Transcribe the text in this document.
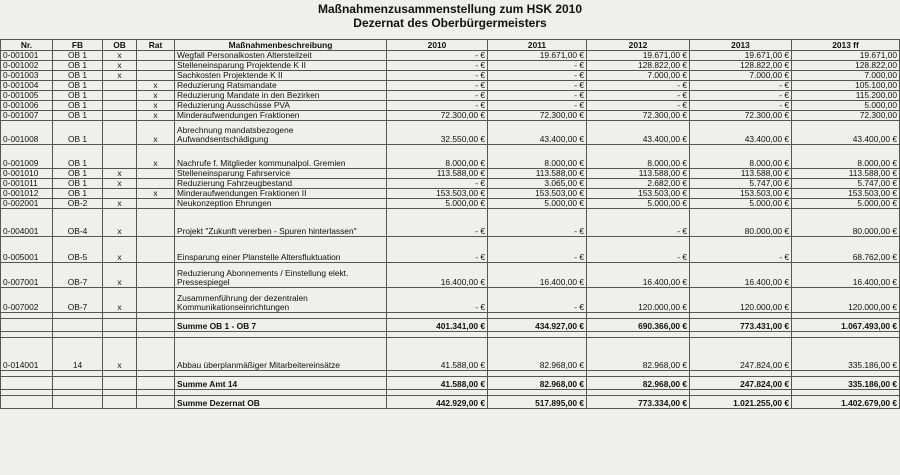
Maßnahmenzusammenstellung zum HSK 2010
Dezernat des Oberbürgermeisters
Nr.	FB	OB	Rat	Maßnahmenbeschreibung	2010	2011	2012	2013	2013 ff
0-001001	OB 1	x		Wegfall Personalkosten Altersteilzeit	- €	19.671,00 €	19.671,00 €	19.671,00 €	19.671,00
0-001002	OB 1	x		Stelleneinsparung Projektende K II	- €	- €	128.822,00 €	128.822,00 €	128.822,00
0-001003	OB 1	x		Sachkosten Projektende K II	- €	- €	7.000,00 €	7.000,00 €	7.000,00
0-001004	OB 1		x	Reduzierung Ratsmandate	- €	- €	- €	- €	105.100,00
0-001005	OB 1		x	Reduzierung Mandate in den Bezirken	- €	- €	- €	- €	115.200,00
0-001006	OB 1		x	Reduzierung Ausschüsse PVA	- €	- €	- €	- €	5.000,00
0-001007	OB 1		x	Minderaufwendungen Fraktionen	72.300,00 €	72.300,00 €	72.300,00 €	72.300,00 €	72.300,00
0-001008	OB 1		x	Abrechnung mandatsbezogene Aufwandsentschädigung	32.550,00 €	43.400,00 €	43.400,00 €	43.400,00 €	43.400,00 €
0-001009	OB 1		x	Nachrufe f. Mitglieder kommunalpol. Gremien	8.000,00 €	8.000,00 €	8.000,00 €	8.000,00 €	8.000,00 €
0-001010	OB 1	x		Stelleneinsparung Fahrservice	113.588,00 €	113.588,00 €	113.588,00 €	113.588,00 €	113.588,00 €
0-001011	OB 1	x		Reduzierung Fahrzeugbestand	- €	3.065,00 €	2.682,00 €	5.747,00 €	5.747,00 €
0-001012	OB 1		x	Minderaufwendungen Fraktionen II	153.503,00 €	153.503,00 €	153.503,00 €	153.503,00 €	153.503,00 €
0-002001	OB-2	x		Neukonzeption Ehrungen	5.000,00 €	5.000,00 €	5.000,00 €	5.000,00 €	5.000,00 €
0-004001	OB-4	x		Projekt "Zukunft vererben - Spuren hinterlassen"	- €	- €	- €	80.000,00 €	80.000,00 €
0-005001	OB-5	x		Einsparung einer Planstelle Altersfluktuation	- €	- €	- €	- €	68.762,00 €
0-007001	OB-7	x		Reduzierung Abonnements / Einstellung elekt. Pressespiegel	16.400,00 €	16.400,00 €	16.400,00 €	16.400,00 €	16.400,00 €
0-007002	OB-7	x		Zusammenführung der dezentralen Kommunikationseinrichtungen	- €	- €	120.000,00 €	120.000,00 €	120.000,00 €

				Summe OB 1 - OB 7	401.341,00 €	434.927,00 €	690.366,00 €	773.431,00 €	1.067.493,00 €

0-014001	14	x		Abbau überplanmäßiger Mitarbeitereinsätze	41.588,00 €	82.968,00 €	82.968,00 €	247.824,00 €	335.186,00 €

				Summe Amt 14	41.588,00 €	82.968,00 €	82.968,00 €	247.824,00 €	335.186,00 €

				Summe Dezernat OB	442.929,00 €	517.895,00 €	773.334,00 €	1.021.255,00 €	1.402.679,00 €
